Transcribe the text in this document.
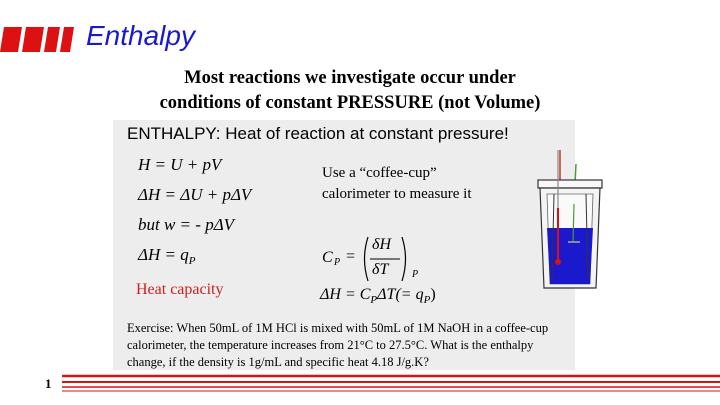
Enthalpy
Most reactions we investigate occur under
conditions of constant PRESSURE (not Volume)
ENTHALPY: Heat of reaction at constant pressure!
H = U + pV
ΔH = ΔU + pΔV
but w = - pΔV
$\Delta H = q_P$
Use a “coffee-cup”
calorimeter to measure it
C P =
δH
δT P
$\Delta H = C_P\Delta T(= q_P)$
Heat capacity
Exercise: When 50mL of 1M HCl is mixed with 50mL of 1M NaOH in a coffee-cup calorimeter, the temperature increases from 21°C to 27.5°C. What is the enthalpy change, if the density is 1g/mL and specific heat 4.18 J/g.K?
1
